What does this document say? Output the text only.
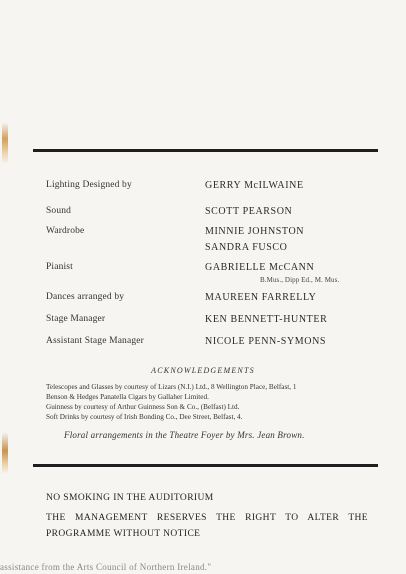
Lighting Designed by	GERRY McILWAINE
Sound	SCOTT PEARSON
Wardrobe	MINNIE JOHNSTON
SANDRA FUSCO
Pianist	GABRIELLE McCANN
B.Mus., Dipp Ed., M. Mus.
Dances arranged by	MAUREEN FARRELLY
Stage Manager	KEN BENNETT-HUNTER
Assistant Stage Manager	NICOLE PENN-SYMONS
ACKNOWLEDGEMENTS
Telescopes and Glasses by courtesy of Lizars (N.I.) Ltd., 8 Wellington Place, Belfast, 1
Benson & Hedges Panatella Cigars by Gallaher Limited.
Guinness by courtesy of Arthur Guinness Son & Co., (Belfast) Ltd.
Soft Drinks by courtesy of Irish Bonding Co., Dee Street, Belfast, 4.
Floral arrangements in the Theatre Foyer by Mrs. Jean Brown.
NO SMOKING IN THE AUDITORIUM
THE MANAGEMENT RESERVES THE RIGHT TO ALTER THE
PROGRAMME WITHOUT NOTICE
assistance from the Arts Council of Northern Ireland."
